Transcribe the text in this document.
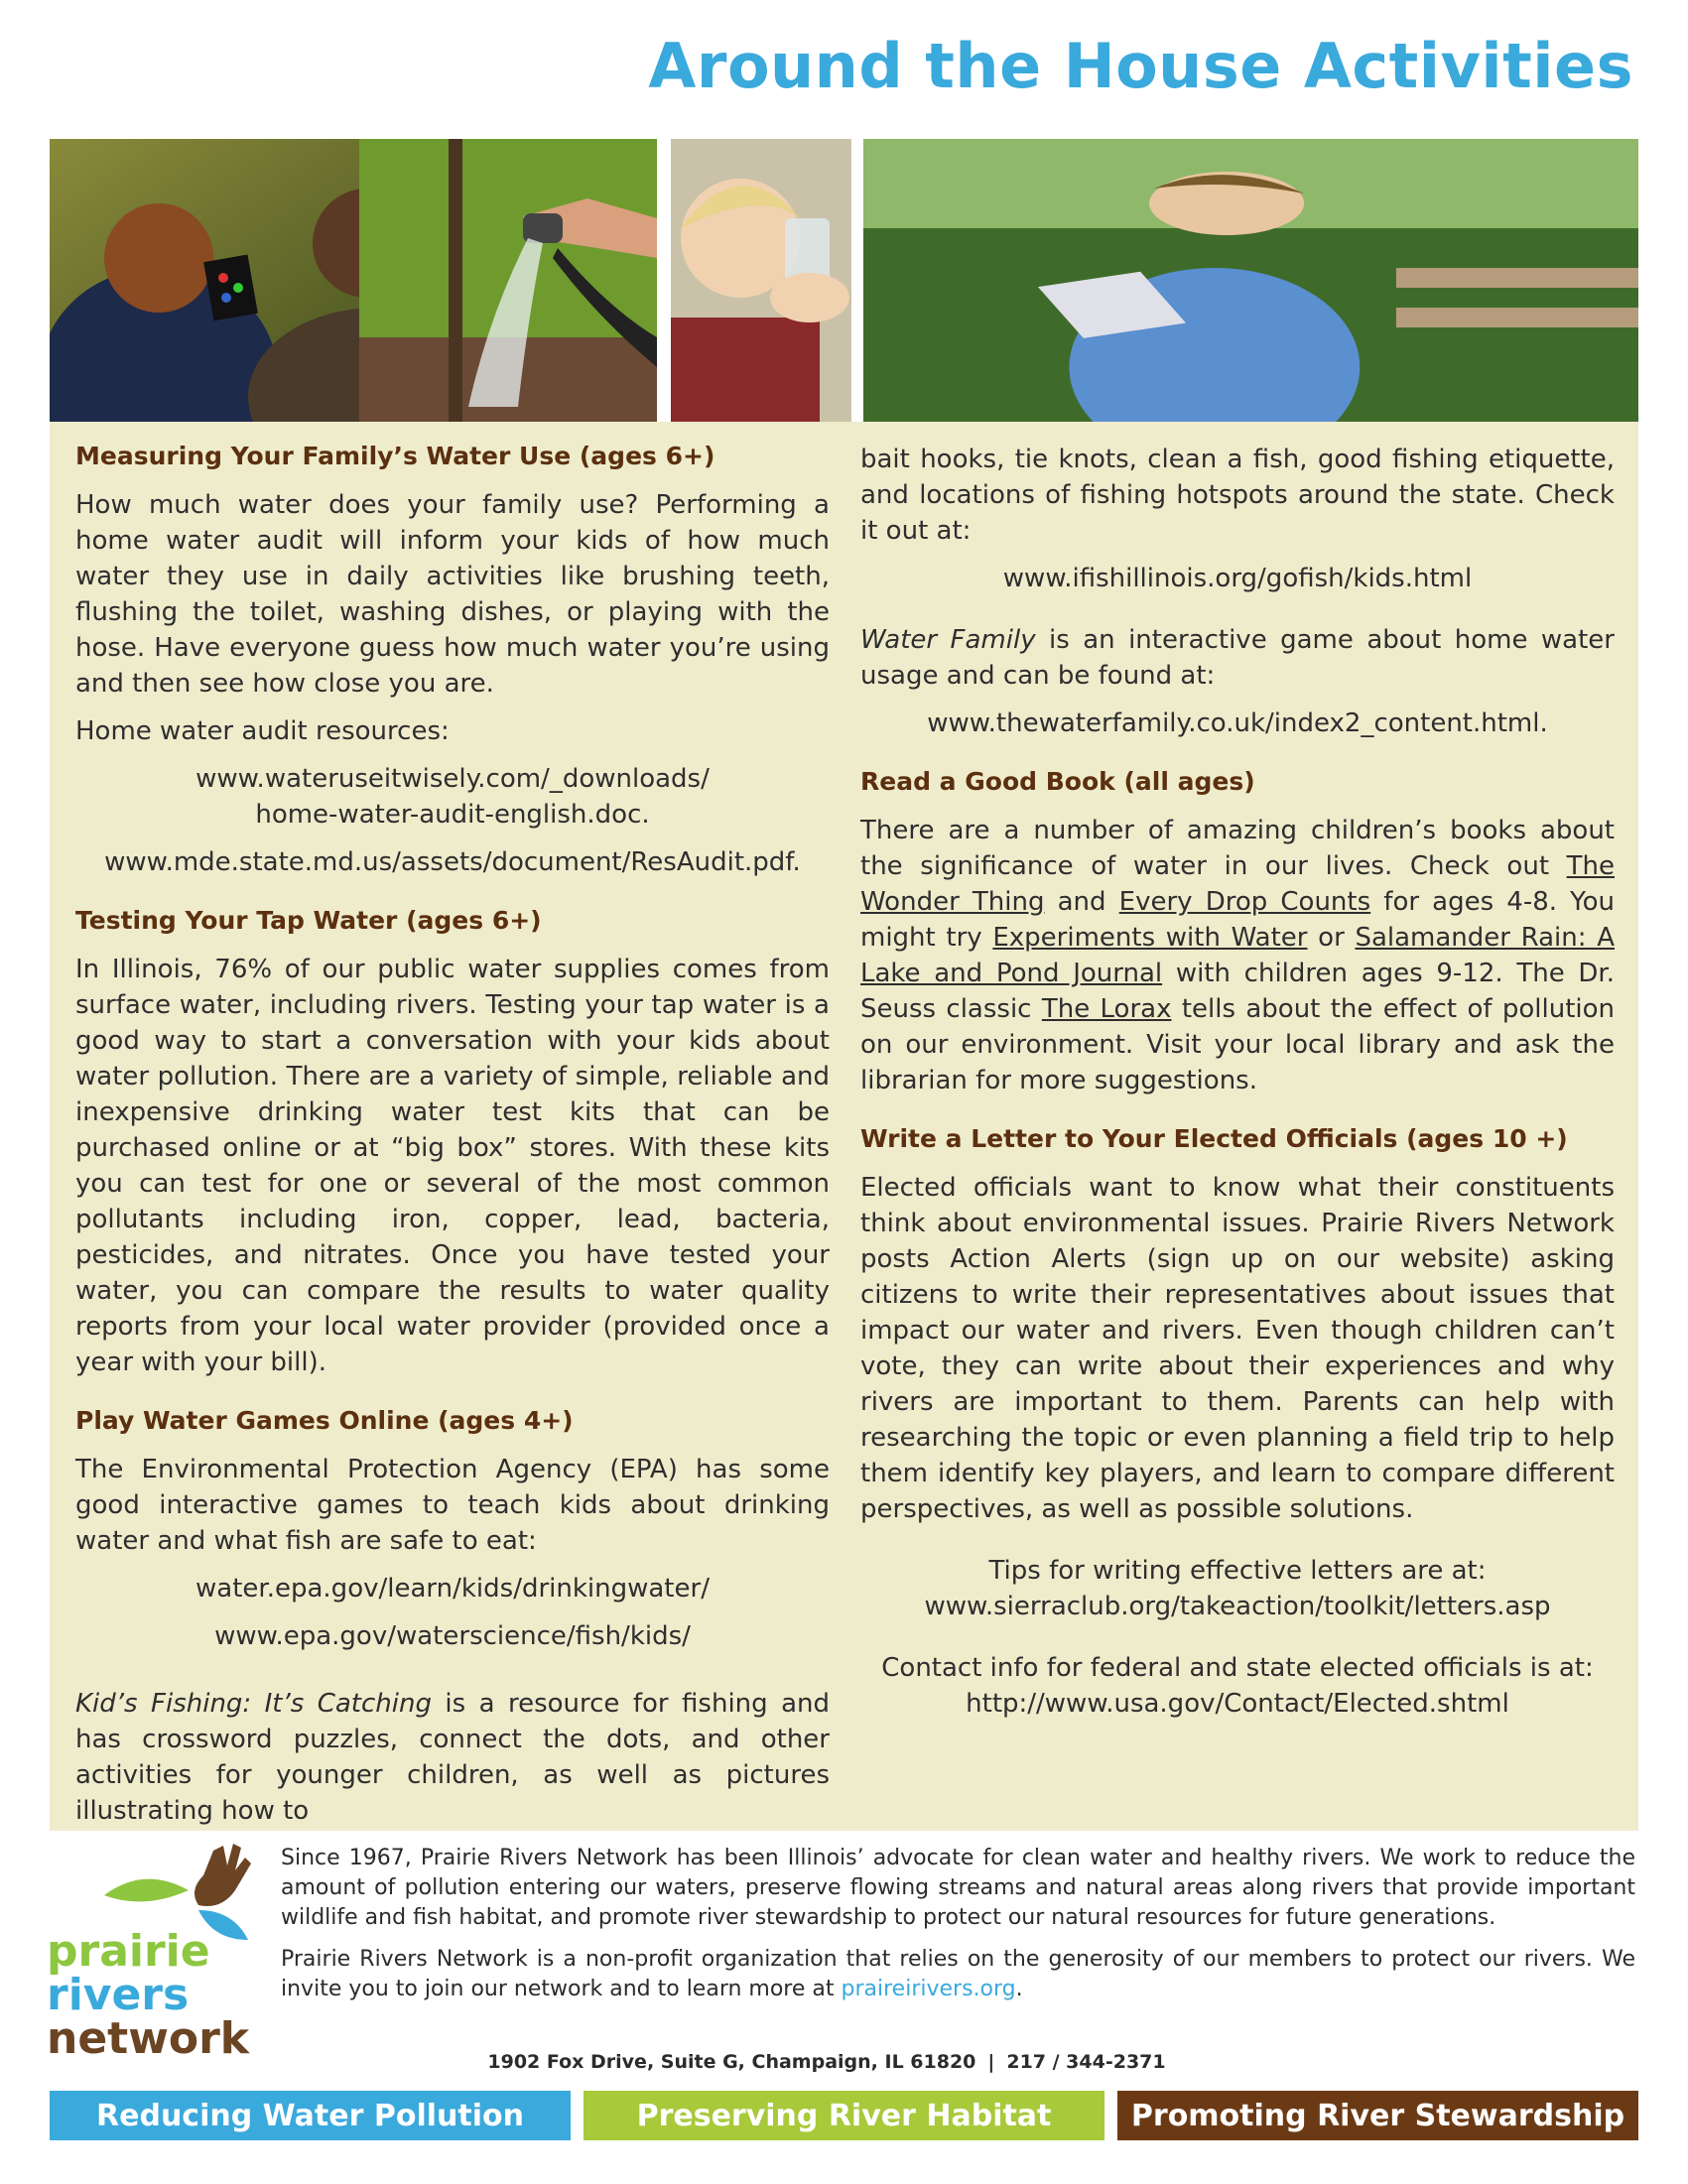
Around the House Activities
Measuring Your Family’s Water Use (ages 6+)

How much water does your family use? Performing a home water audit will inform your kids of how much water they use in daily activities like brushing teeth, flushing the toilet, washing dishes, or playing with the hose. Have everyone guess how much water you’re using and then see how close you are.

Home water audit resources:

www.wateruseitwisely.com/_downloads/

home-water-audit-english.doc.

www.mde.state.md.us/assets/document/ResAudit.pdf.

Testing Your Tap Water (ages 6+)

In Illinois, 76% of our public water supplies comes from surface water, including rivers. Testing your tap water is a good way to start a conversation with your kids about water pollution. There are a variety of simple, reliable and inexpensive drinking water test kits that can be purchased online or at “big box” stores. With these kits you can test for one or several of the most common pollutants including iron, copper, lead, bacteria, pesticides, and nitrates. Once you have tested your water, you can compare the results to water quality reports from your local water provider (provided once a year with your bill).

Play Water Games Online (ages 4+)

The Environmental Protection Agency (EPA) has some good interactive games to teach kids about drinking water and what fish are safe to eat:

water.epa.gov/learn/kids/drinkingwater/

www.epa.gov/waterscience/fish/kids/

Kid’s Fishing: It’s Catching is a resource for fishing and has crossword puzzles, connect the dots, and other activities for younger children, as well as pictures illustrating how to

bait hooks, tie knots, clean a fish, good fishing etiquette, and locations of fishing hotspots around the state. Check it out at:

www.ifishillinois.org/gofish/kids.html

Water Family is an interactive game about home water usage and can be found at:

www.thewaterfamily.co.uk/index2_content.html.

Read a Good Book (all ages)

There are a number of amazing children’s books about the significance of water in our lives. Check out The Wonder Thing and Every Drop Counts for ages 4-8. You might try Experiments with Water or Salamander Rain: A Lake and Pond Journal with children ages 9-12. The Dr. Seuss classic The Lorax tells about the effect of pollution on our environment. Visit your local library and ask the librarian for more suggestions.

Write a Letter to Your Elected Officials (ages 10 +)

Elected officials want to know what their constituents think about environmental issues. Prairie Rivers Network posts Action Alerts (sign up on our website) asking citizens to write their representatives about issues that impact our water and rivers. Even though children can’t vote, they can write about their experiences and why rivers are important to them. Parents can help with researching the topic or even planning a field trip to help them identify key players, and learn to compare different perspectives, as well as possible solutions.

Tips for writing effective letters are at:

www.sierraclub.org/takeaction/toolkit/letters.asp

Contact info for federal and state elected officials is at:

http://www.usa.gov/Contact/Elected.shtml

prairie
rivers
network

Since 1967, Prairie Rivers Network has been Illinois’ advocate for clean water and healthy rivers. We work to reduce the amount of pollution entering our waters, preserve flowing streams and natural areas along rivers that provide important wildlife and fish habitat, and promote river stewardship to protect our natural resources for future generations.

Prairie Rivers Network is a non-profit organization that relies on the generosity of our members to protect our rivers. We invite you to join our network and to learn more at praireirivers.org.

1902 Fox Drive, Suite G, Champaign, IL 61820 | 217 / 344-2371
Reducing Water Pollution	Preserving River Habitat	Promoting River Stewardship
